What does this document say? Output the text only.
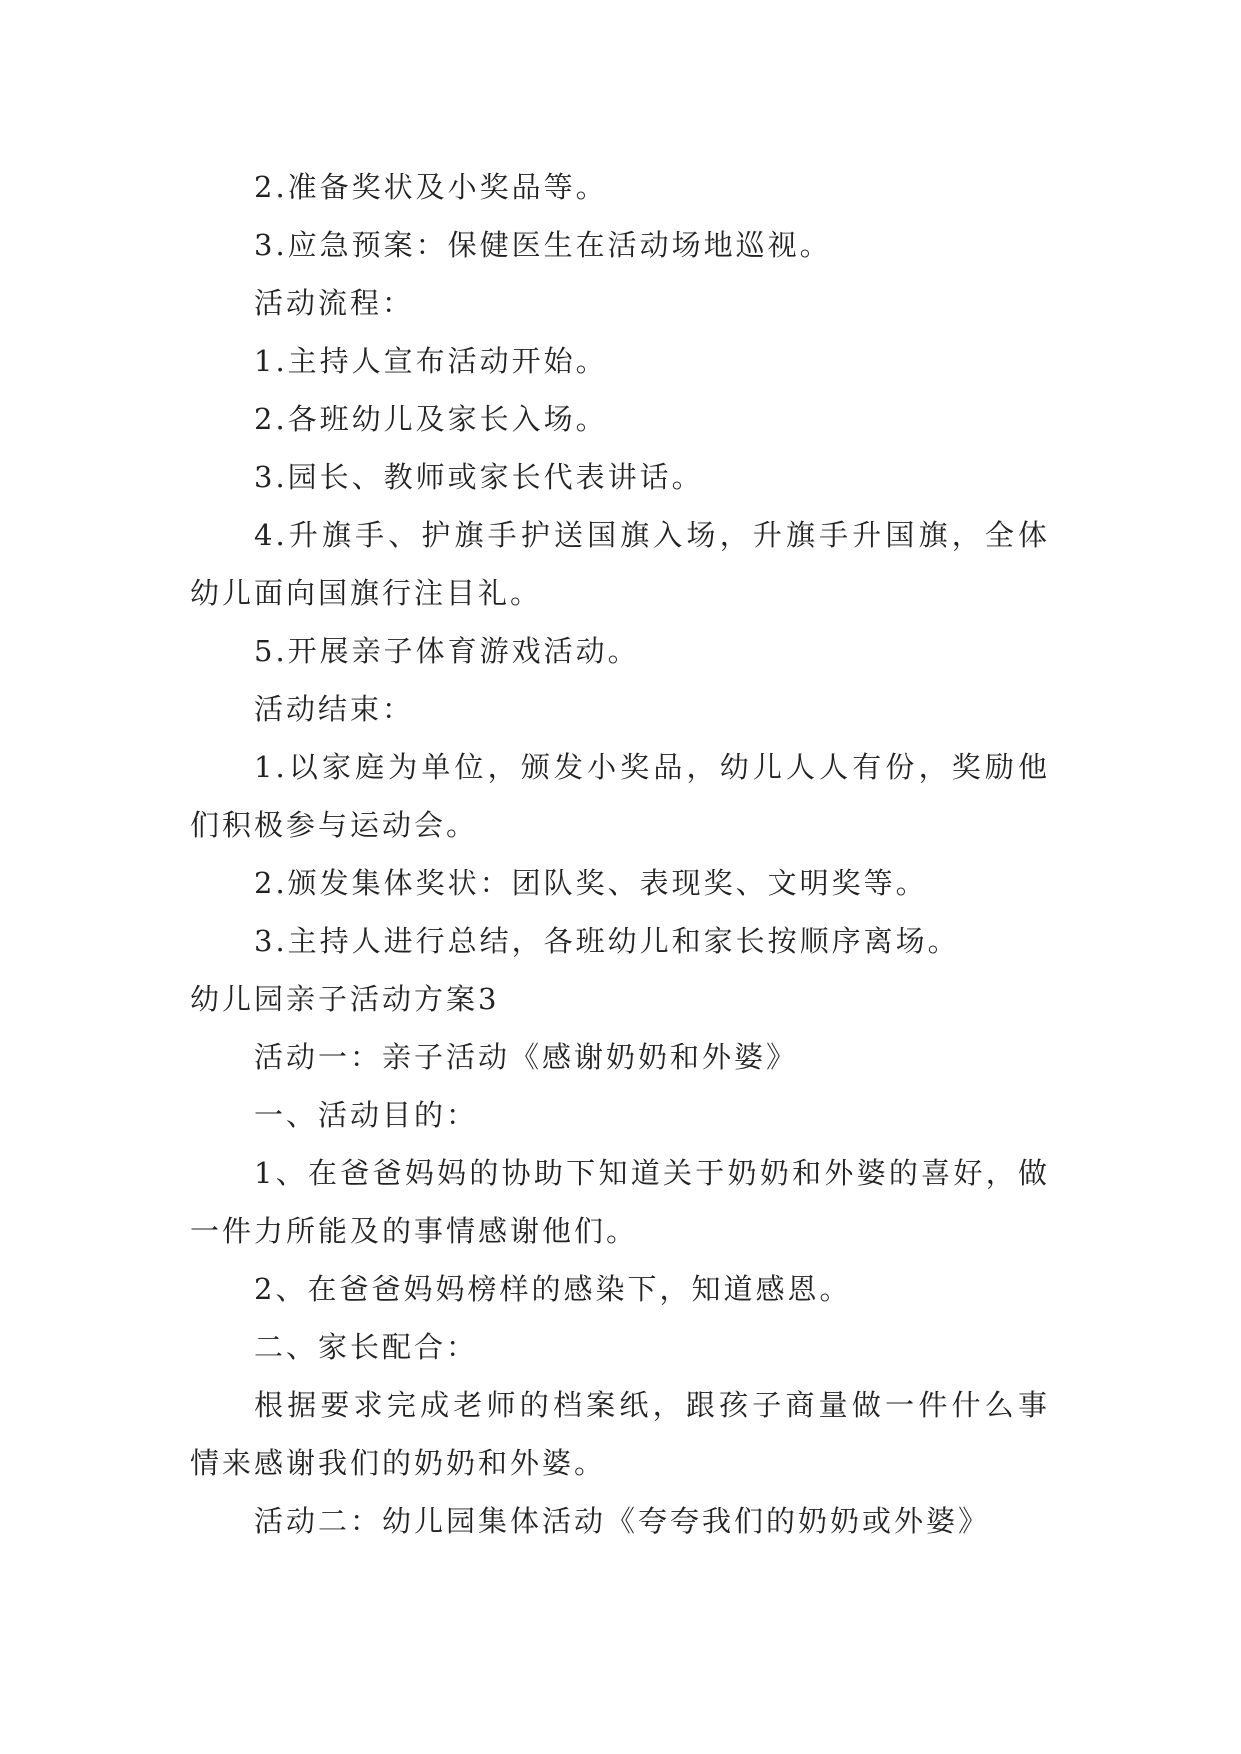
2.准备奖状及小奖品等。

3.应急预案：保健医生在活动场地巡视。

活动流程：

1.主持人宣布活动开始。

2.各班幼儿及家长入场。

3.园长、教师或家长代表讲话。

4.升旗手、护旗手护送国旗入场，升旗手升国旗，全体幼儿面向国旗行注目礼。

5.开展亲子体育游戏活动。

活动结束：

1.以家庭为单位，颁发小奖品，幼儿人人有份，奖励他们积极参与运动会。

2.颁发集体奖状：团队奖、表现奖、文明奖等。

3.主持人进行总结，各班幼儿和家长按顺序离场。

幼儿园亲子活动方案3

活动一：亲子活动《感谢奶奶和外婆》

一、活动目的：

1、在爸爸妈妈的协助下知道关于奶奶和外婆的喜好，做一件力所能及的事情感谢他们。

2、在爸爸妈妈榜样的感染下，知道感恩。

二、家长配合：

根据要求完成老师的档案纸，跟孩子商量做一件什么事情来感谢我们的奶奶和外婆。

活动二：幼儿园集体活动《夸夸我们的奶奶或外婆》
